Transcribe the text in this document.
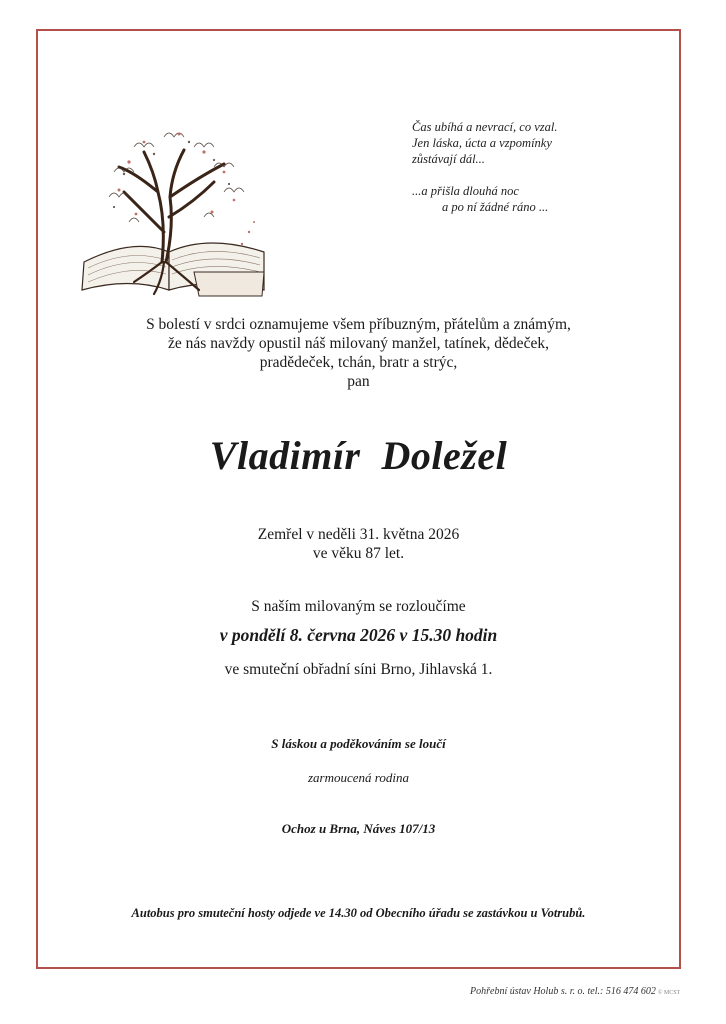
Čas ubíhá a nevrací, co vzal.
Jen láska, úcta a vzpomínky
zůstávají dál...
...a přišla dlouhá noc
a po ní žádné ráno ...
S bolestí v srdci oznamujeme všem příbuzným, přátelům a známým,
že nás navždy opustil náš milovaný manžel, tatínek, dědeček,
pradědeček, tchán, bratr a strýc,
pan
Vladimír  Doležel
Zemřel v neděli 31. května 2026
ve věku 87 let.
S naším milovaným se rozloučíme
v pondělí 8. června 2026 v 15.30 hodin
ve smuteční obřadní síni Brno, Jihlavská 1.
S láskou a poděkováním se loučí
zarmoucená rodina
Ochoz u Brna, Náves 107/13
Autobus pro smuteční hosty odjede ve 14.30 od Obecního úřadu se zastávkou u Votrubů.
Pohřební ústav Holub s. r. o. tel.: 516 474 602 © MCST
